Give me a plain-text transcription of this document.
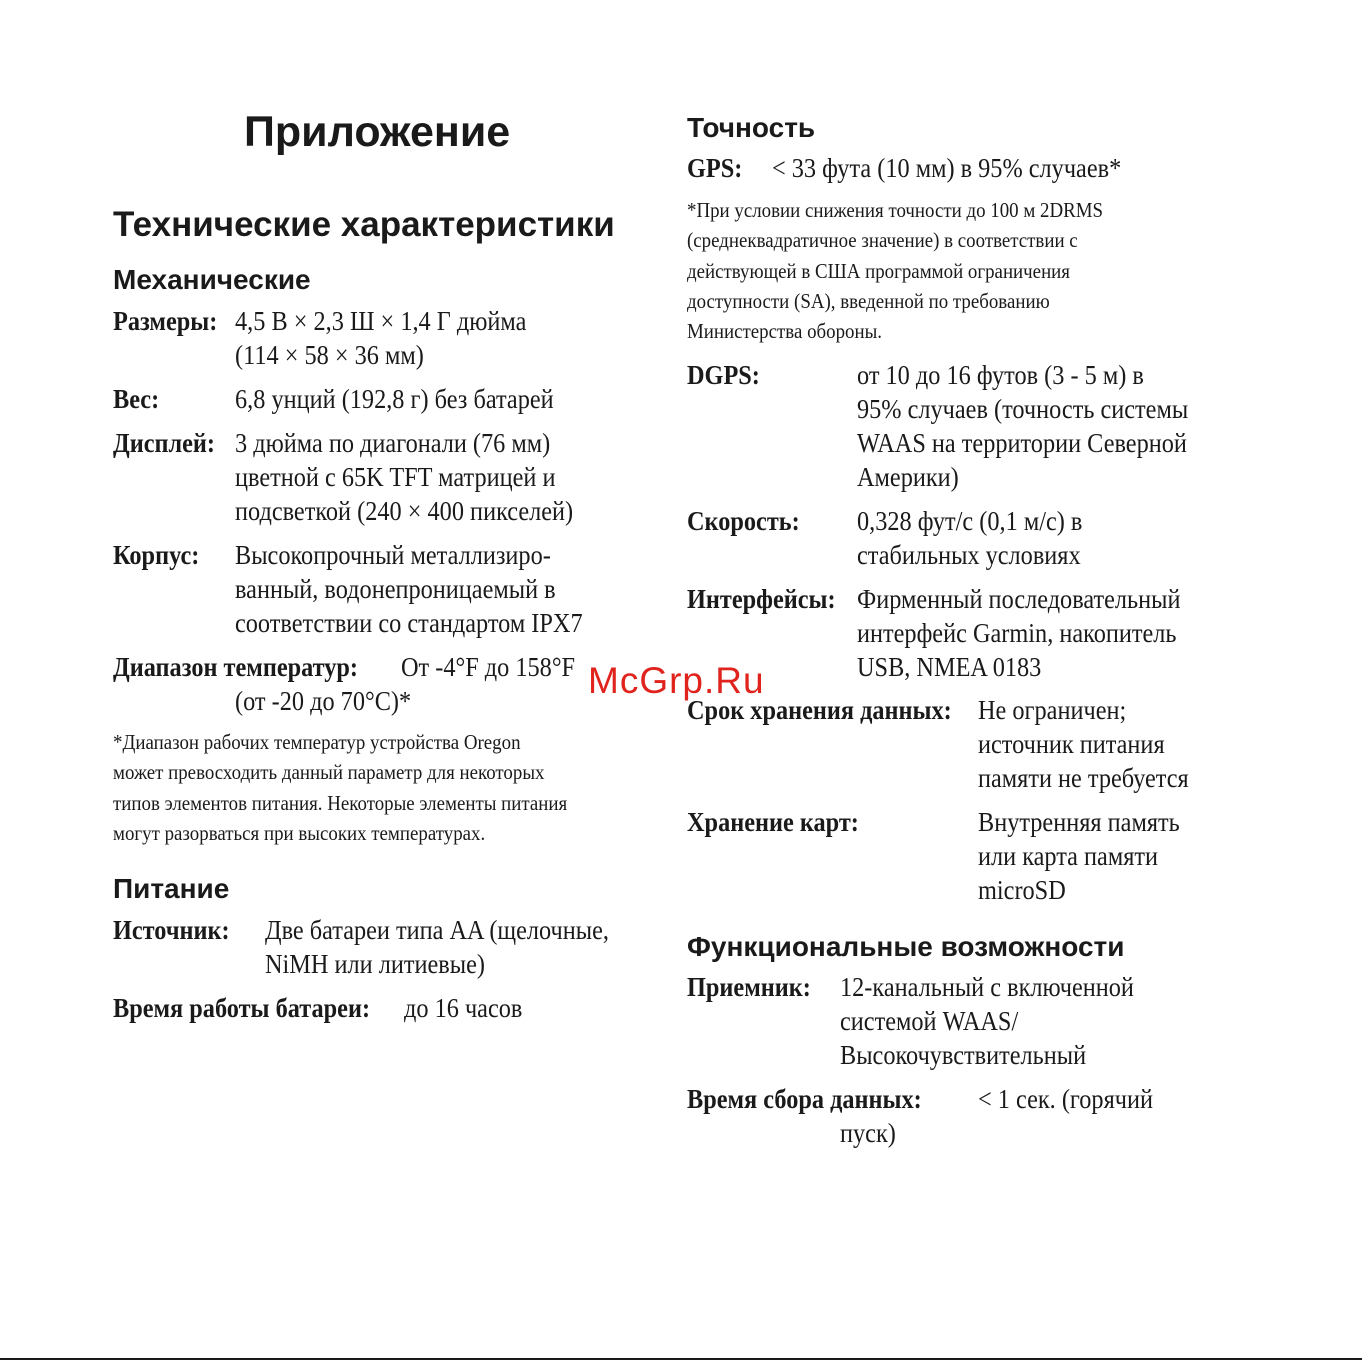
Приложение
Технические характеристики
Механические
Размеры: 4,5 В × 2,3 Ш × 1,4 Г дюйма
(114 × 58 × 36 мм)
Вес:	6,8 унций (192,8 г) без батарей
Дисплей: 3 дюйма по диагонали (76 мм)
цветной с 65K TFT матрицей и
подсветкой (240 × 400 пикселей)
Корпус: Высокопрочный металлизиро-
ванный, водонепроницаемый в
соответствии со стандартом IPX7
Диапазон температур: От -4°F до 158°F
(от -20 до 70°C)*
*Диапазон рабочих температур устройства Oregon
может превосходить данный параметр для некоторых
типов элементов питания. Некоторые элементы питания
могут разорваться при высоких температурах.
Питание
Источник: Две батареи типа AA (щелочные,
NiMH или литиевые)
Время работы батареи: до 16 часов
Точность
GPS: < 33 фута (10 мм) в 95% случаев*
*При условии снижения точности до 100 м 2DRMS
(среднеквадратичное значение) в соответствии с
действующей в США программой ограничения
доступности (SA), введенной по требованию
Министерства обороны.
DGPS:	от 10 до 16 футов (3 - 5 м) в
95% случаев (точность системы
WAAS на территории Северной
Америки)
Скорость: 0,328 фут/с (0,1 м/с) в
стабильных условиях
Интерфейсы: Фирменный последовательный
интерфейс Garmin, накопитель
USB, NMEA 0183
Срок хранения данных: Не ограничен;
источник питания
памяти не требуется
Хранение карт:	Внутренняя память
или карта памяти
microSD
Функциональные возможности
Приемник: 12-канальный с включенной
системой WAAS/
Высокочувствительный
Время сбора данных: < 1 сек. (горячий
пуск)
McGrp.Ru
